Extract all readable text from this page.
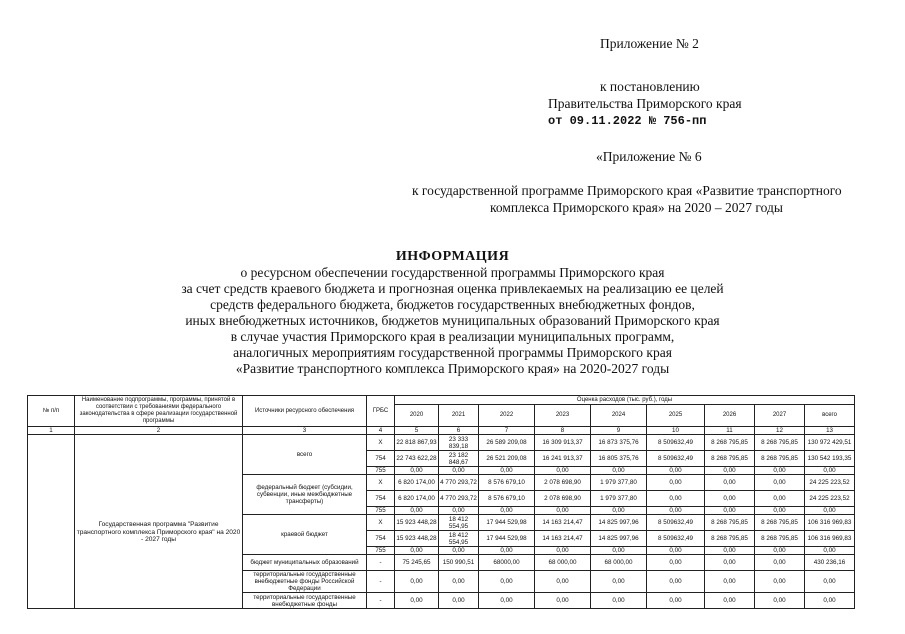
Приложение № 2
к постановлению
Правительства Приморского края
от 09.11.2022 № 756-пп
«Приложение № 6
к государственной программе Приморского края «Развитие транспортного
комплекса Приморского края» на 2020 – 2027 годы
ИНФОРМАЦИЯ
о ресурсном обеспечении государственной программы Приморского края
за счет средств краевого бюджета и прогнозная оценка привлекаемых на реализацию ее целей
средств федерального бюджета, бюджетов государственных внебюджетных фондов,
иных внебюджетных источников, бюджетов муниципальных образований Приморского края
в случае участия Приморского края в реализации муниципальных программ,
аналогичных мероприятиям государственной программы Приморского края
«Развитие транспортного комплекса Приморского края» на 2020-2027 годы
№ п/п	Наименование подпрограммы, программы, принятой в соответствии с требованиями федерального законодательства в сфере реализации государственной программы	Источники ресурсного обеспечения	ГРБС	Оценка расходов (тыс. руб.), годы								
				2020	2021	2022	2023	2024	2025	2026	2027	всего
1	2	3	4	5	6	7	8	9	10	11	12	13
	Государственная программа "Развитие транспортного комплекса Приморского края" на 2020 - 2027 годы	всего	Х	22 818 867,93	23 333 839,18	26 589 209,08	16 309 913,37	16 873 375,76	8 509632,49	8 268 795,85	8 268 795,85	130 972 429,51
			754	22 743 622,28	23 182 848,67	26 521 209,08	16 241 913,37	16 805 375,76	8 509632,49	8 268 795,85	8 268 795,85	130 542 193,35
			755	0,00	0,00	0,00	0,00	0,00	0,00	0,00	0,00	0,00
		федеральный бюджет (субсидии, субвенции, иные межбюджетные трансферты)	Х	6 820 174,00	4 770 293,72	8 576 679,10	2 078 698,90	1 979 377,80	0,00	0,00	0,00	24 225 223,52
			754	6 820 174,00	4 770 293,72	8 576 679,10	2 078 698,90	1 979 377,80	0,00	0,00	0,00	24 225 223,52
			755	0,00	0,00	0,00	0,00	0,00	0,00	0,00	0,00	0,00
		краевой бюджет	Х	15 923 448,28	18 412 554,95	17 944 529,98	14 163 214,47	14 825 997,96	8 509632,49	8 268 795,85	8 268 795,85	106 316 969,83
			754	15 923 448,28	18 412 554,95	17 944 529,98	14 163 214,47	14 825 997,96	8 509632,49	8 268 795,85	8 268 795,85	106 316 969,83
			755	0,00	0,00	0,00	0,00	0,00	0,00	0,00	0,00	0,00
		бюджет муниципальных образований	-	75 245,65	150 990,51	68000,00	68 000,00	68 000,00	0,00	0,00	0,00	430 236,16
		территориальные государственные внебюджетные фонды Российской Федерации	-	0,00	0,00	0,00	0,00	0,00	0,00	0,00	0,00	0,00
		территориальные государственные внебюджетные фонды	-	0,00	0,00	0,00	0,00	0,00	0,00	0,00	0,00	0,00
